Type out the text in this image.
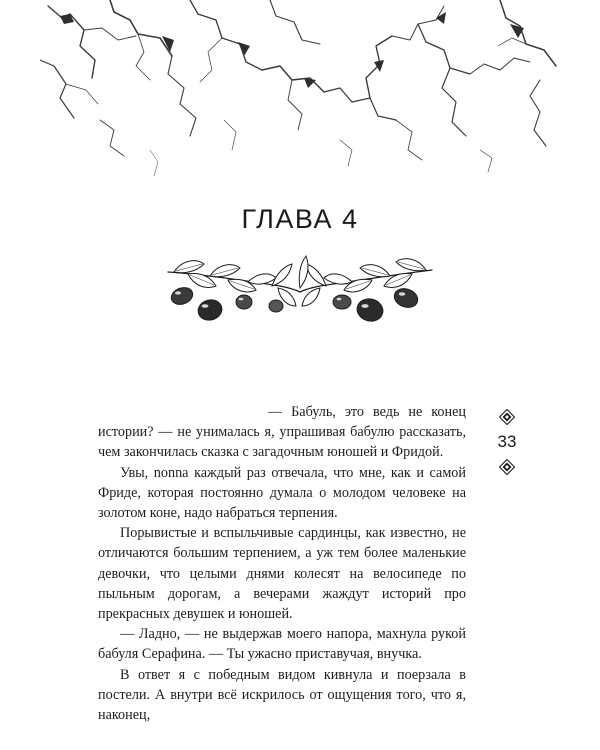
ГЛАВА 4

— Бабуль, это ведь не конец истории? — не унималась я, упрашивая бабулю рассказать, чем закончилась сказка с загадочным юношей и Фридой.

Увы, nonna каждый раз отвечала, что мне, как и самой Фриде, которая постоянно думала о молодом человеке на золотом коне, надо набраться терпения.

Порывистые и вспыльчивые сардинцы, как известно, не отличаются большим терпением, а уж тем более маленькие девочки, что целыми днями колесят на велосипеде по пыльным дорогам, а вечерами жаждут историй про прекрасных девушек и юношей.

— Ладно, — не выдержав моего напора, махнула рукой бабуля Серафина. — Ты ужасно приставучая, внучка.

В ответ я с победным видом кивнула и поерзала в постели. А внутри всё искрилось от ощущения того, что я, наконец,

33
